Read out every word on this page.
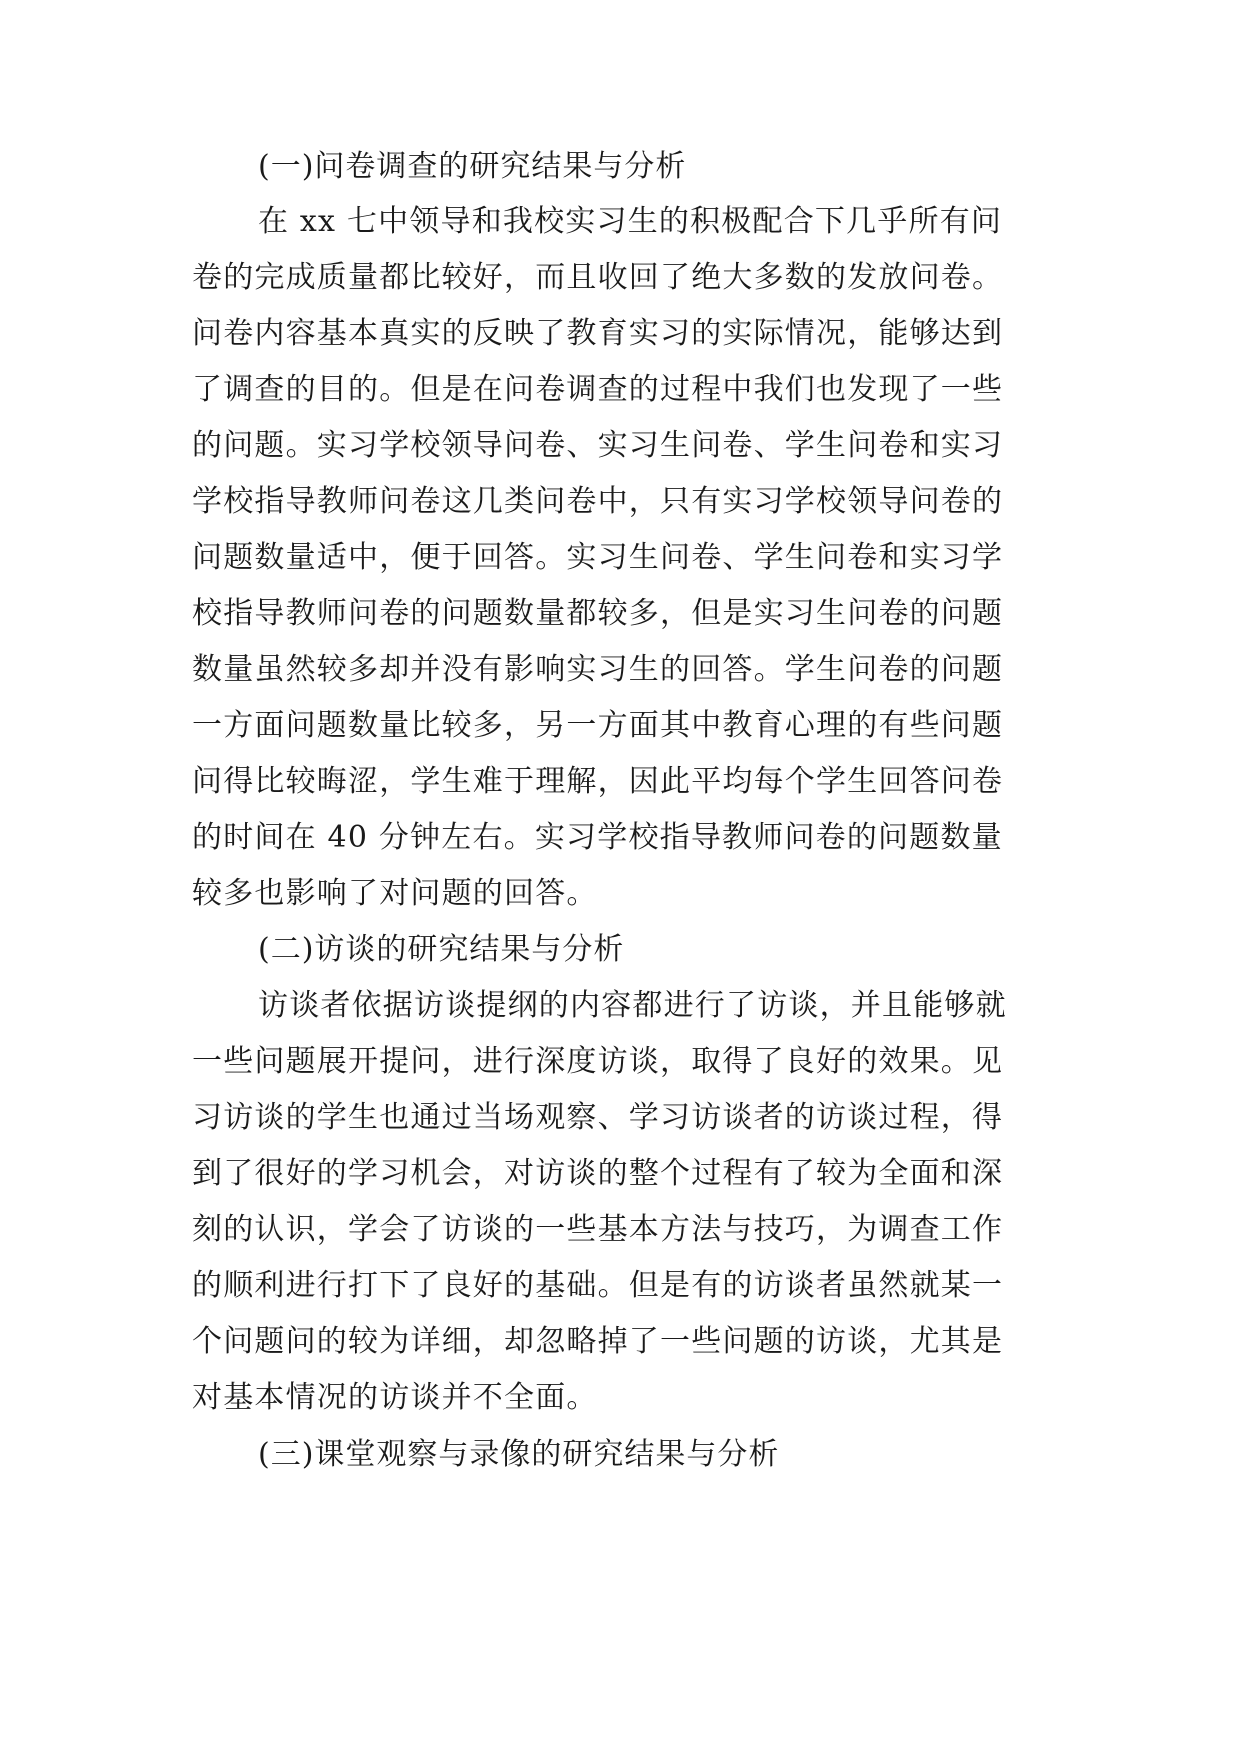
(一)问卷调查的研究结果与分析
在 xx 七中领导和我校实习生的积极配合下几乎所有问
卷的完成质量都比较好，而且收回了绝大多数的发放问卷。
问卷内容基本真实的反映了教育实习的实际情况，能够达到
了调查的目的。但是在问卷调查的过程中我们也发现了一些
的问题。实习学校领导问卷、实习生问卷、学生问卷和实习
学校指导教师问卷这几类问卷中，只有实习学校领导问卷的
问题数量适中，便于回答。实习生问卷、学生问卷和实习学
校指导教师问卷的问题数量都较多，但是实习生问卷的问题
数量虽然较多却并没有影响实习生的回答。学生问卷的问题
一方面问题数量比较多，另一方面其中教育心理的有些问题
问得比较晦涩，学生难于理解，因此平均每个学生回答问卷
的时间在 40 分钟左右。实习学校指导教师问卷的问题数量
较多也影响了对问题的回答。
(二)访谈的研究结果与分析
访谈者依据访谈提纲的内容都进行了访谈，并且能够就
一些问题展开提问，进行深度访谈，取得了良好的效果。见
习访谈的学生也通过当场观察、学习访谈者的访谈过程，得
到了很好的学习机会，对访谈的整个过程有了较为全面和深
刻的认识，学会了访谈的一些基本方法与技巧，为调查工作
的顺利进行打下了良好的基础。但是有的访谈者虽然就某一
个问题问的较为详细，却忽略掉了一些问题的访谈，尤其是
对基本情况的访谈并不全面。
(三)课堂观察与录像的研究结果与分析
